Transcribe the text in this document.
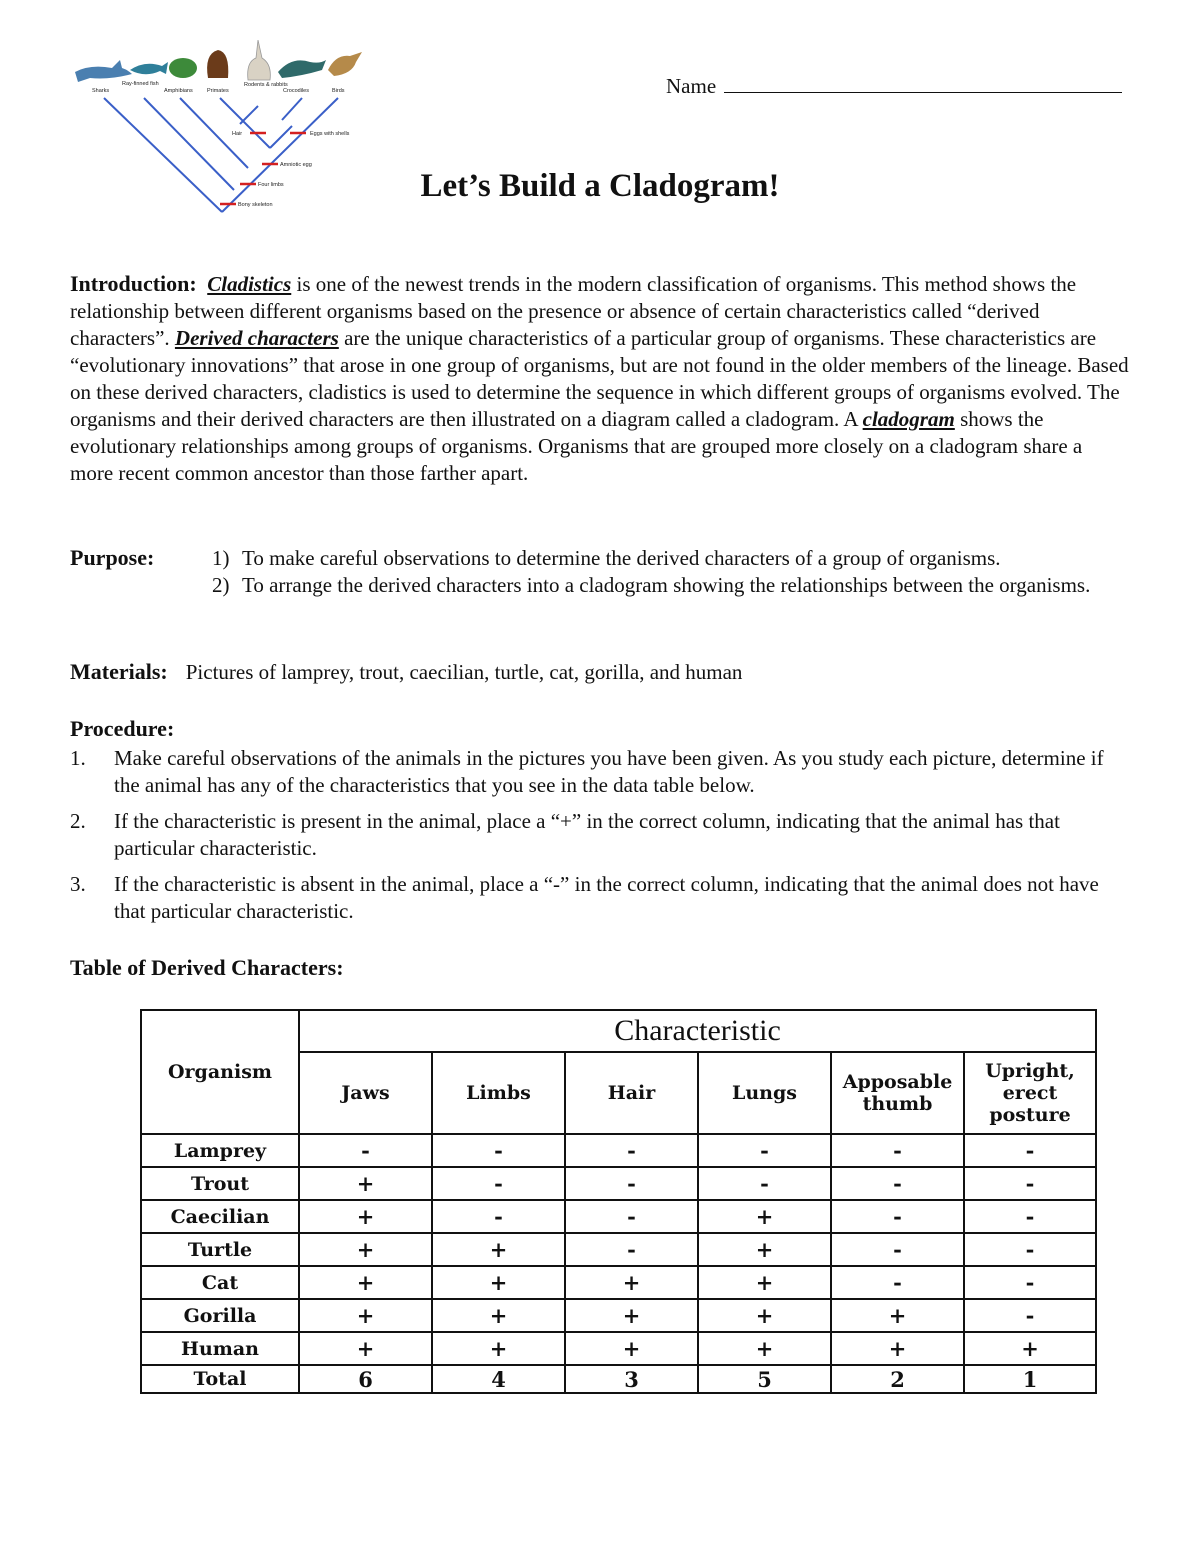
Sharks
Ray-finned fish
Amphibians	Primates
Rodents & rabbits
Crocodiles	Birds
Hair	Eggs with shells
Amniotic egg
Four limbs
Bony skeleton
Name
Let’s Build a Cladogram!
Introduction: Cladistics is one of the newest trends in the modern classification of organisms. This method shows the relationship between different organisms based on the presence or absence of certain characteristics called “derived characters”. Derived characters are the unique characteristics of a particular group of organisms. These characteristics are “evolutionary innovations” that arose in one group of organisms, but are not found in the older members of the lineage. Based on these derived characters, cladistics is used to determine the sequence in which different groups of organisms evolved. The organisms and their derived characters are then illustrated on a diagram called a cladogram. A cladogram shows the evolutionary relationships among groups of organisms. Organisms that are grouped more closely on a cladogram share a more recent common ancestor than those farther apart.
Purpose:	1) To make careful observations to determine the derived characters of a group of organisms.
2) To arrange the derived characters into a cladogram showing the relationships between the organisms.
Materials: Pictures of lamprey, trout, caecilian, turtle, cat, gorilla, and human
Procedure:
1.	Make careful observations of the animals in the pictures you have been given. As you study each picture, determine if the animal has any of the characteristics that you see in the data table below.
2.	If the characteristic is present in the animal, place a “+” in the correct column, indicating that the animal has that particular characteristic.
3.	If the characteristic is absent in the animal, place a “-” in the correct column, indicating that the animal does not have that particular characteristic.
Table of Derived Characters:
Organism	Characteristic					
	Jaws	Limbs	Hair	Lungs	Apposable thumb	Upright, erect posture
Lamprey	-	-	-	-	-	-
Trout	+	-	-	-	-	-
Caecilian	+	-	-	+	-	-
Turtle	+	+	-	+	-	-
Cat	+	+	+	+	-	-
Gorilla	+	+	+	+	+	-
Human	+	+	+	+	+	+
Total	6	4	3	5	2	1
